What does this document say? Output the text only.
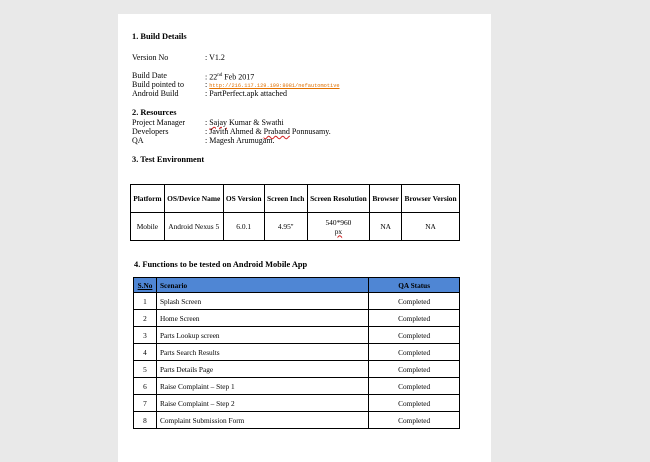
1. Build Details
Version No	: V1.2
Build Date	: 22nd Feb 2017
Build pointed to	: http://216.117.129.199:8081/nefautomotive
Android Build	: PartPerfect.apk attached
2. Resources
Project Manager : Sajay Kumar & Swathi
Developers	: Javith Ahmed & Praband Ponnusamy.
QA	: Magesh Arumugam.
3. Test Environment
Platform	OS/Device Name	OS Version	Screen Inch	Screen Resolution	Browser	Browser Version
Mobile	Android Nexus 5	6.0.1	4.95''	540*960
px	NA	NA
4. Functions to be tested on Android Mobile App
S.No	Scenario	QA Status
1	Splash Screen	Completed
2	Home Screen	Completed
3	Parts Lookup screen	Completed
4	Parts Search Results	Completed
5	Parts Details Page	Completed
6	Raise Complaint – Step 1	Completed
7	Raise Complaint – Step 2	Completed
8	Complaint Submission Form	Completed
